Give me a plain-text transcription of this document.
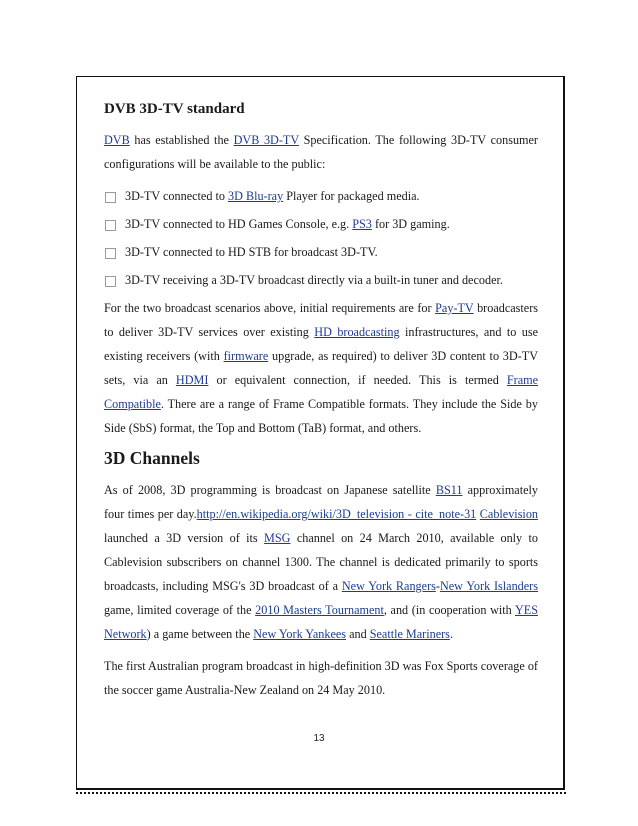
DVB 3D-TV standard

DVB has established the DVB 3D-TV Specification. The following 3D-TV consumer configurations will be available to the public:

3D-TV connected to 3D Blu-ray Player for packaged media.
3D-TV connected to HD Games Console, e.g. PS3 for 3D gaming.
3D-TV connected to HD STB for broadcast 3D-TV.
3D-TV receiving a 3D-TV broadcast directly via a built-in tuner and decoder.

For the two broadcast scenarios above, initial requirements are for Pay-TV broadcasters to deliver 3D-TV services over existing HD broadcasting infrastructures, and to use existing receivers (with firmware upgrade, as required) to deliver 3D content to 3D-TV sets, via an HDMI or equivalent connection, if needed. This is termed Frame Compatible. There are a range of Frame Compatible formats. They include the Side by Side (SbS) format, the Top and Bottom (TaB) format, and others.

3D Channels

As of 2008, 3D programming is broadcast on Japanese satellite BS11 approximately four times per day.http://en.wikipedia.org/wiki/3D_television - cite_note-31 Cablevision launched a 3D version of its MSG channel on 24 March 2010, available only to Cablevision subscribers on channel 1300. The channel is dedicated primarily to sports broadcasts, including MSG's 3D broadcast of a New York Rangers-New York Islanders game, limited coverage of the 2010 Masters Tournament, and (in cooperation with YES Network) a game between the New York Yankees and Seattle Mariners.

The first Australian program broadcast in high-definition 3D was Fox Sports coverage of the soccer game Australia-New Zealand on 24 May 2010.

13
